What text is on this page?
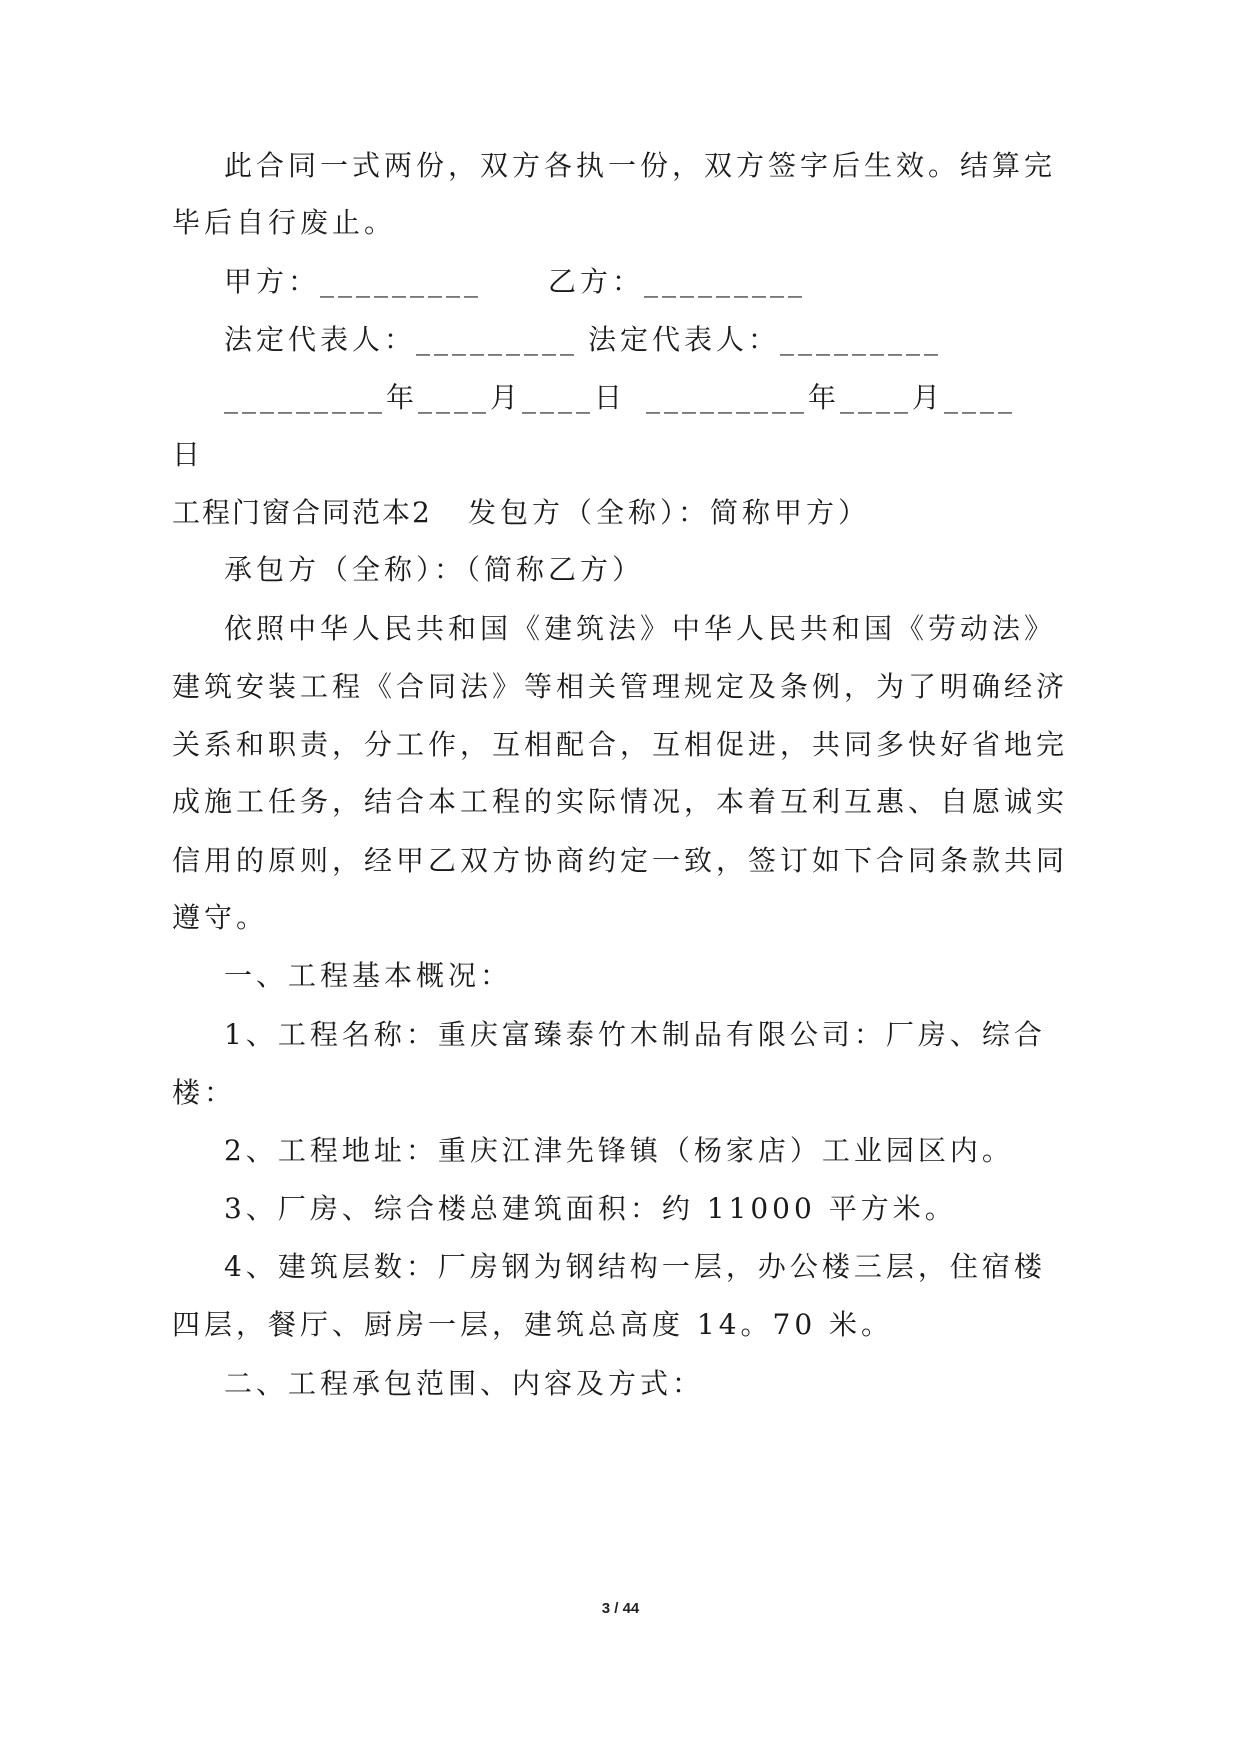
此合同一式两份，双方各执一份，双方签字后生效。结算完
毕后自行废止。
甲方：_________ 乙方：_________
法定代表人：_________ 法定代表人：_________
_________年____月____日 _________年____月____
日
工程门窗合同范本2 发包方（全称）：简称甲方）
承包方（全称）：（简称乙方）
依照中华人民共和国《建筑法》中华人民共和国《劳动法》
建筑安装工程《合同法》等相关管理规定及条例，为了明确经济
关系和职责，分工作，互相配合，互相促进，共同多快好省地完
成施工任务，结合本工程的实际情况，本着互利互惠、自愿诚实
信用的原则，经甲乙双方协商约定一致，签订如下合同条款共同
遵守。
一、工程基本概况：
1、工程名称：重庆富臻泰竹木制品有限公司：厂房、综合
楼：
2、工程地址：重庆江津先锋镇（杨家店）工业园区内。
3、厂房、综合楼总建筑面积：约 11000 平方米。
4、建筑层数：厂房钢为钢结构一层，办公楼三层，住宿楼
四层，餐厅、厨房一层，建筑总高度 14。70 米。
二、工程承包范围、内容及方式：
3 / 44
